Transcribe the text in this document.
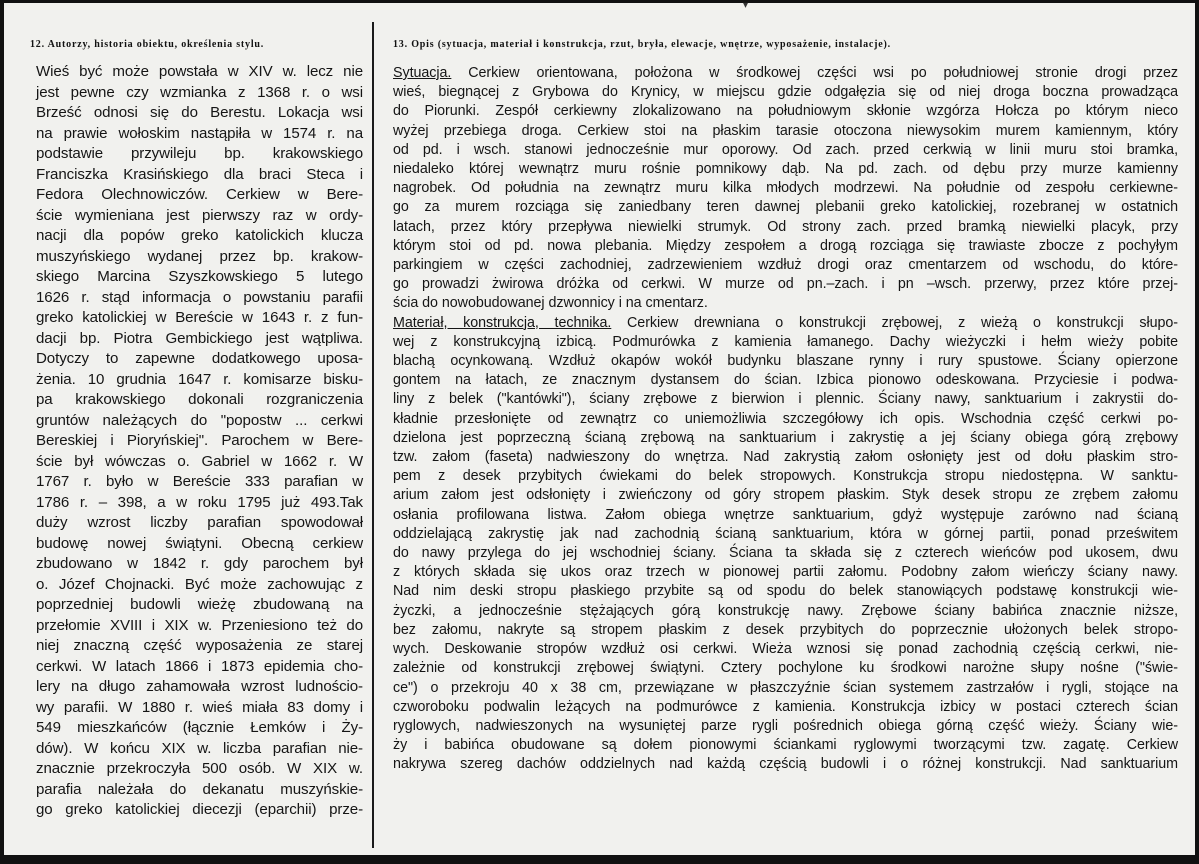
▾
12. Autorzy, historia obiektu, określenia stylu.	13. Opis (sytuacja, materiał i konstrukcja, rzut, bryła, elewacje, wnętrze, wyposażenie, instalacje).
Wieś być może powstała w XIV w. lecz nie
jest pewne czy wzmianka z 1368 r. o wsi
Brześć odnosi się do Berestu. Lokacja wsi
na prawie wołoskim nastąpiła w 1574 r. na
podstawie przywileju bp. krakowskiego
Franciszka Krasińskiego dla braci Steca i
Fedora Olechnowiczów. Cerkiew w Bere-
ście wymieniana jest pierwszy raz w ordy-
nacji dla popów greko katolickich klucza
muszyńskiego wydanej przez bp. krakow-
skiego Marcina Szyszkowskiego 5 lutego
1626 r. stąd informacja o powstaniu parafii
greko katolickiej w Bereście w 1643 r. z fun-
dacji bp. Piotra Gembickiego jest wątpliwa.
Dotyczy to zapewne dodatkowego uposa-
żenia. 10 grudnia 1647 r. komisarze bisku-
pa krakowskiego dokonali rozgraniczenia
gruntów należących do "popostw ... cerkwi
Bereskiej i Piorуńskiej". Parochem w Bere-
ście był wówczas o. Gabriel w 1662 r. W
1767 r. było w Bereście 333 parafian w
1786 r. – 398, a w roku 1795 już 493.Tak
duży wzrost liczby parafian spowodował
budowę nowej świątyni. Obecną cerkiew
zbudowano w 1842 r. gdy parochem był
o. Józef Chojnacki. Być może zachowując z
poprzedniej budowli wieżę zbudowaną na
przełomie XVIII i XIX w. Przeniesiono też do
niej znaczną część wyposażenia ze starej
cerkwi. W latach 1866 i 1873 epidemia cho-
lery na długo zahamowała wzrost ludnościo-
wy parafii. W 1880 r. wieś miała 83 domy i
549 mieszkańców (łącznie Łemków i Ży-
dów). W końcu XIX w. liczba parafian nie-
znacznie przekroczyła 500 osób. W XIX w.
parafia należała do dekanatu muszyńskie-
go greko katolickiej diecezji (eparchii) prze-
Sytuacja. Cerkiew orientowana, położona w środkowej części wsi po południowej stronie drogi przez
wieś, biegnącej z Grybowa do Krynicy, w miejscu gdzie odgałęzia się od niej droga boczna prowadząca
do Piorunki. Zespół cerkiewny zlokalizowano na południowym skłonie wzgórza Hołcza po którym nieco
wyżej przebiega droga. Cerkiew stoi na płaskim tarasie otoczona niewysokim murem kamiennym, który
od pd. i wsch. stanowi jednocześnie mur oporowy. Od zach. przed cerkwią w linii muru stoi bramka,
niedaleko której wewnątrz muru rośnie pomnikowy dąb. Na pd. zach. od dębu przy murze kamienny
nagrobek. Od południa na zewnątrz muru kilka młodych modrzewi. Na południe od zespołu cerkiewne-
go za murem rozciąga się zaniedbany teren dawnej plebanii greko katolickiej, rozebranej w ostatnich
latach, przez który przepływa niewielki strumyk. Od strony zach. przed bramką niewielki placyk, przy
którym stoi od pd. nowa plebania. Między zespołem a drogą rozciąga się trawiaste zbocze z pochyłym
parkingiem w części zachodniej, zadrzewieniem wzdłuż drogi oraz cmentarzem od wschodu, do które-
go prowadzi żwirowa dróżka od cerkwi. W murze od pn.–zach. i pn –wsch. przerwy, przez które przej-
ścia do nowobudowanej dzwonnicy i na cmentarz.
Materiał, konstrukcja, technika. Cerkiew drewniana o konstrukcji zrębowej, z wieżą o konstrukcji słupo-
wej z konstrukcyjną izbicą. Podmurówka z kamienia łamanego. Dachy wieżyczki i hełm wieży pobite
blachą ocynkowaną. Wzdłuż okapów wokół budynku blaszane rynny i rury spustowe. Ściany opierzone
gontem na łatach, ze znacznym dystansem do ścian. Izbica pionowo odeskowana. Przyciesie i podwa-
liny z belek ("kantówki"), ściany zrębowe z bierwion i plennic. Ściany nawy, sanktuarium i zakrystii do-
kładnie przesłonięte od zewnątrz co uniemożliwia szczegółowy ich opis. Wschodnia część cerkwi po-
dzielona jest poprzeczną ścianą zrębową na sanktuarium i zakrystię a jej ściany obiega górą zrębowy
tzw. załom (faseta) nadwieszony do wnętrza. Nad zakrystią załom osłonięty jest od dołu płaskim stro-
pem z desek przybitych ćwiekami do belek stropowych. Konstrukcja stropu niedostępna. W sanktu-
arium załom jest odsłonięty i zwieńczony od góry stropem płaskim. Styk desek stropu ze zrębem załomu
osłania profilowana listwa. Załom obiega wnętrze sanktuarium, gdyż występuje zarówno nad ścianą
oddzielającą zakrystię jak nad zachodnią ścianą sanktuarium, która w górnej partii, ponad prześwitem
do nawy przylega do jej wschodniej ściany. Ściana ta składa się z czterech wieńców pod ukosem, dwu
z których składa się ukos oraz trzech w pionowej partii załomu. Podobny załom wieńczy ściany nawy.
Nad nim deski stropu płaskiego przybite są od spodu do belek stanowiących podstawę konstrukcji wie-
życzki, a jednocześnie stężających górą konstrukcję nawy. Zrębowe ściany babińca znacznie niższe,
bez załomu, nakryte są stropem płaskim z desek przybitych do poprzecznie ułożonych belek stropo-
wych. Deskowanie stropów wzdłuż osi cerkwi. Wieża wznosi się ponad zachodnią częścią cerkwi, nie-
zależnie od konstrukcji zrębowej świątyni. Cztery pochylone ku środkowi narożne słupy nośne ("świe-
ce") o przekroju 40 x 38 cm, przewiązane w płaszczyźnie ścian systemem zastrzałów i rygli, stojące na
czworoboku podwalin leżących na podmurówce z kamienia. Konstrukcja izbicy w postaci czterech ścian
ryglowych, nadwieszonych na wysuniętej parze rygli pośrednich obiega górną część wieży. Ściany wie-
ży i babińca obudowane są dołem pionowymi ściankami ryglowymi tworzącymi tzw. zagatę. Cerkiew
nakrywa szereg dachów oddzielnych nad każdą częścią budowli i o różnej konstrukcji. Nad sanktuarium
